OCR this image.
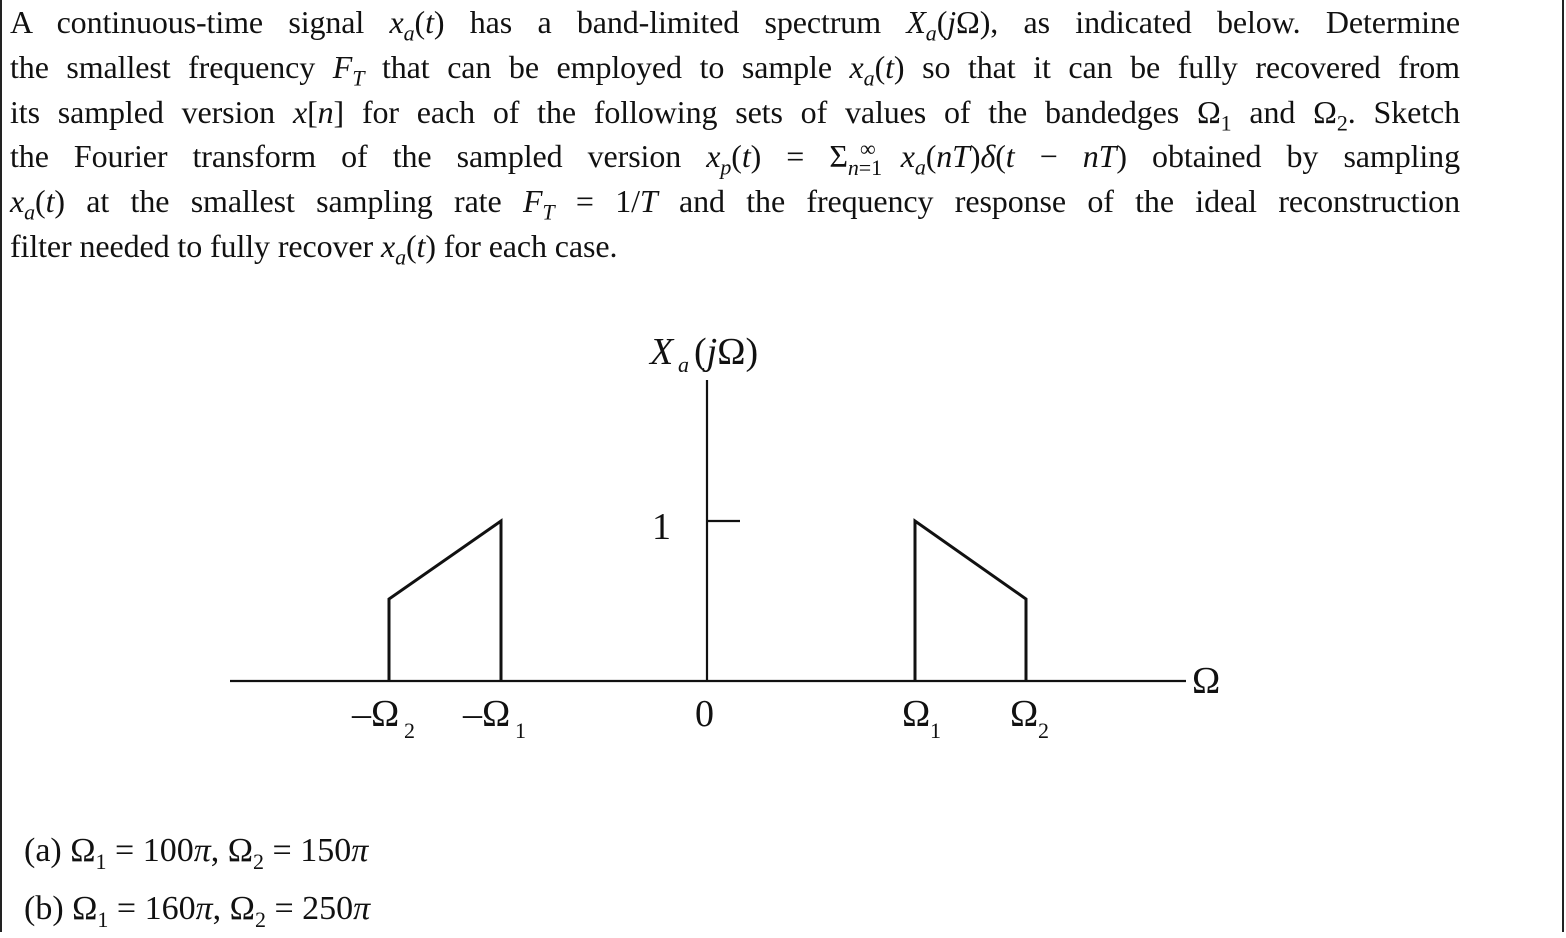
A continuous-time signal $x_a(t)$ has a band-limited spectrum $X_a(j\Omega)$, as indicated below. Determine
the smallest frequency $F_T$ that can be employed to sample $x_a(t)$ so that it can be fully recovered from
its sampled version x[n] for each of the following sets of values of the bandedges $\Omega_1$ and $\Omega_2$. Sketch
the Fourier transform of the sampled version $x_p(t) = \Sigma_{n=1}^\infty$ $x_a(nT)\delta(t - nT)$ obtained by sampling
$x_a(t)$ at the smallest sampling rate $F_T = 1/T$ and the frequency response of the ideal reconstruction
filter needed to fully recover $x_a(t)$ for each case.
X a (jΩ)
1
Ω
–Ω 2 –Ω 1	0	Ω 1 Ω 2
(a) $\Omega_1 = 100\pi$, $\Omega_2 = 150\pi$
(b) $\Omega_1 = 160\pi$, $\Omega_2 = 250\pi$
